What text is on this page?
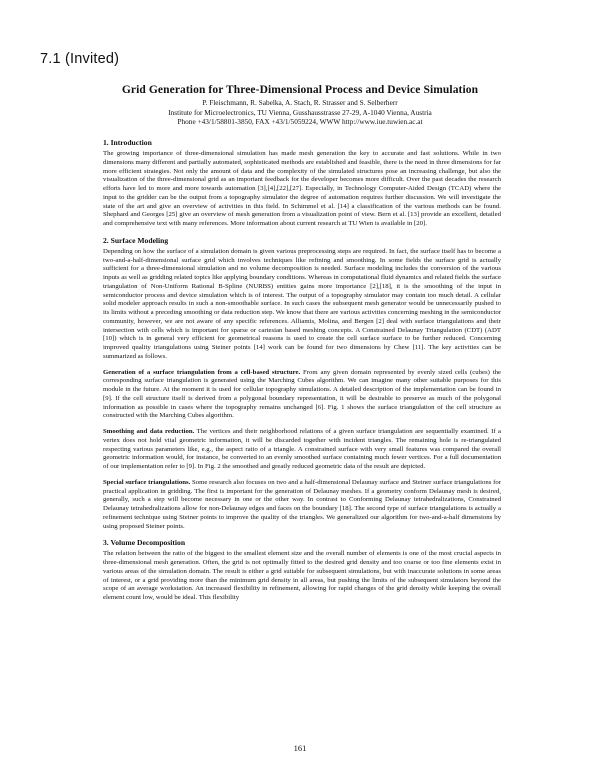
7.1 (Invited)
Grid Generation for Three-Dimensional Process and Device Simulation
P. Fleischmann, R. Sabelka, A. Stach, R. Strasser and S. Selberherr
Institute for Microelectronics, TU Vienna, Gusshausstrasse 27-29, A-1040 Vienna, Austria
Phone +43/1/58801-3850, FAX +43/1/5059224, WWW http://www.iue.tuwien.ac.at
1. Introduction

The growing importance of three-dimensional simulation has made mesh generation the key to accurate and fast solutions. While in two dimensions many different and partially automated, sophisticated methods are established and feasible, there is the need in three dimensions for far more efficient strategies. Not only the amount of data and the complexity of the simulated structures pose an increasing challenge, but also the visualization of the three-dimensional grid as an important feedback for the developer becomes more difficult. Over the past decades the research efforts have led to more and more towards automation [3],[4],[22],[27]. Especially, in Technology Computer-Aided Design (TCAD) where the input to the gridder can be the output from a topography simulator the degree of automation requires further discussion. We will investigate the state of the art and give an overview of activities in this field. In Schimmel et al. [14] a classification of the various methods can be found. Shephard and Georges [25] give an overview of mesh generation from a visualization point of view. Bern et al. [13] provide an excellent, detailed and comprehensive text with many references. More information about current research at TU Wien is available in [20].

2. Surface Modeling

Depending on how the surface of a simulation domain is given various preprocessing steps are required. In fact, the surface itself has to become a two-and-a-half-dimensional surface grid which involves techniques like refining and smoothing. In some fields the surface grid is actually sufficient for a three-dimensional simulation and no volume decomposition is needed. Surface modeling includes the conversion of the various inputs as well as gridding related topics like applying boundary conditions. Whereas in computational fluid dynamics and related fields the surface triangulation of Non-Uniform Rational B-Spline (NURBS) entities gains more importance [2],[18], it is the smoothing of the input in semiconductor process and device simulation which is of interest. The output of a topography simulator may contain too much detail. A cellular solid modeler approach results in such a non-smoothable surface. In such cases the subsequent mesh generator would be unnecessarily pushed to its limits without a preceding smoothing or data reduction step. We know that there are various activities concerning meshing in the semiconductor community, however, we are not aware of any specific references. Alliamis, Molina, and Bergen [2] deal with surface triangulations and their intersection with cells which is important for sparse or cartesian based meshing concepts. A Constrained Delaunay Triangulation (CDT) (ADT [10]) which is in general very efficient for geometrical reasons is used to create the cell surface surface to be further reduced. Concerning improved quality triangulations using Steiner points [14] work can be found for two dimensions by Chew [11]. The key activities can be summarized as follows.

Generation of a surface triangulation from a cell-based structure. From any given domain represented by evenly sized cells (cubes) the corresponding surface triangulation is generated using the Marching Cubes algorithm. We can imagine many other suitable purposes for this module in the future. At the moment it is used for cellular topography simulations. A detailed description of the implementation can be found in [9]. If the cell structure itself is derived from a polygonal boundary representation, it will be desirable to preserve as much of the polygonal information as possible in cases where the topography remains unchanged [6]. Fig. 1 shows the surface triangulation of the cell structure as constructed with the Marching Cubes algorithm.

Smoothing and data reduction. The vertices and their neighborhood relations of a given surface triangulation are sequentially examined. If a vertex does not hold vital geometric information, it will be discarded together with incident triangles. The remaining hole is re-triangulated respecting various parameters like, e.g., the aspect ratio of a triangle. A constrained surface with very small features was compared the overall geometric information would, for instance, be converted to an evenly smoothed surface containing much fewer vertices. For a full documentation of our implementation refer to [9]. In Fig. 2 the smoothed and greatly reduced geometric data of the result are depicted.

Special surface triangulations. Some research also focuses on two and a half-dimensional Delaunay surface and Steiner surface triangulations for practical application in gridding. The first is important for the generation of Delaunay meshes. If a geometry conform Delaunay mesh is desired, generally, such a step will become necessary in one or the other way. In contrast to Conforming Delaunay tetrahedralizations, Constrained Delaunay tetrahedralizations allow for non-Delaunay edges and faces on the boundary [18]. The second type of surface triangulations is actually a refinement technique using Steiner points to improve the quality of the triangles. We generalized our algorithm for two-and-a-half dimensions by using proposed Steiner points.

3. Volume Decomposition

The relation between the ratio of the biggest to the smallest element size and the overall number of elements is one of the most crucial aspects in three-dimensional mesh generation. Often, the grid is not optimally fitted to the desired grid density and too coarse or too fine elements exist in various areas of the simulation domain. The result is either a grid suitable for subsequent simulations, but with inaccurate solutions in some areas of interest, or a grid providing more than the minimum grid density in all areas, but pushing the limits of the subsequent simulators beyond the scope of an average workstation. An increased flexibility in refinement, allowing for rapid changes of the grid density while keeping the overall element count low, would be ideal. This flexibility

161
